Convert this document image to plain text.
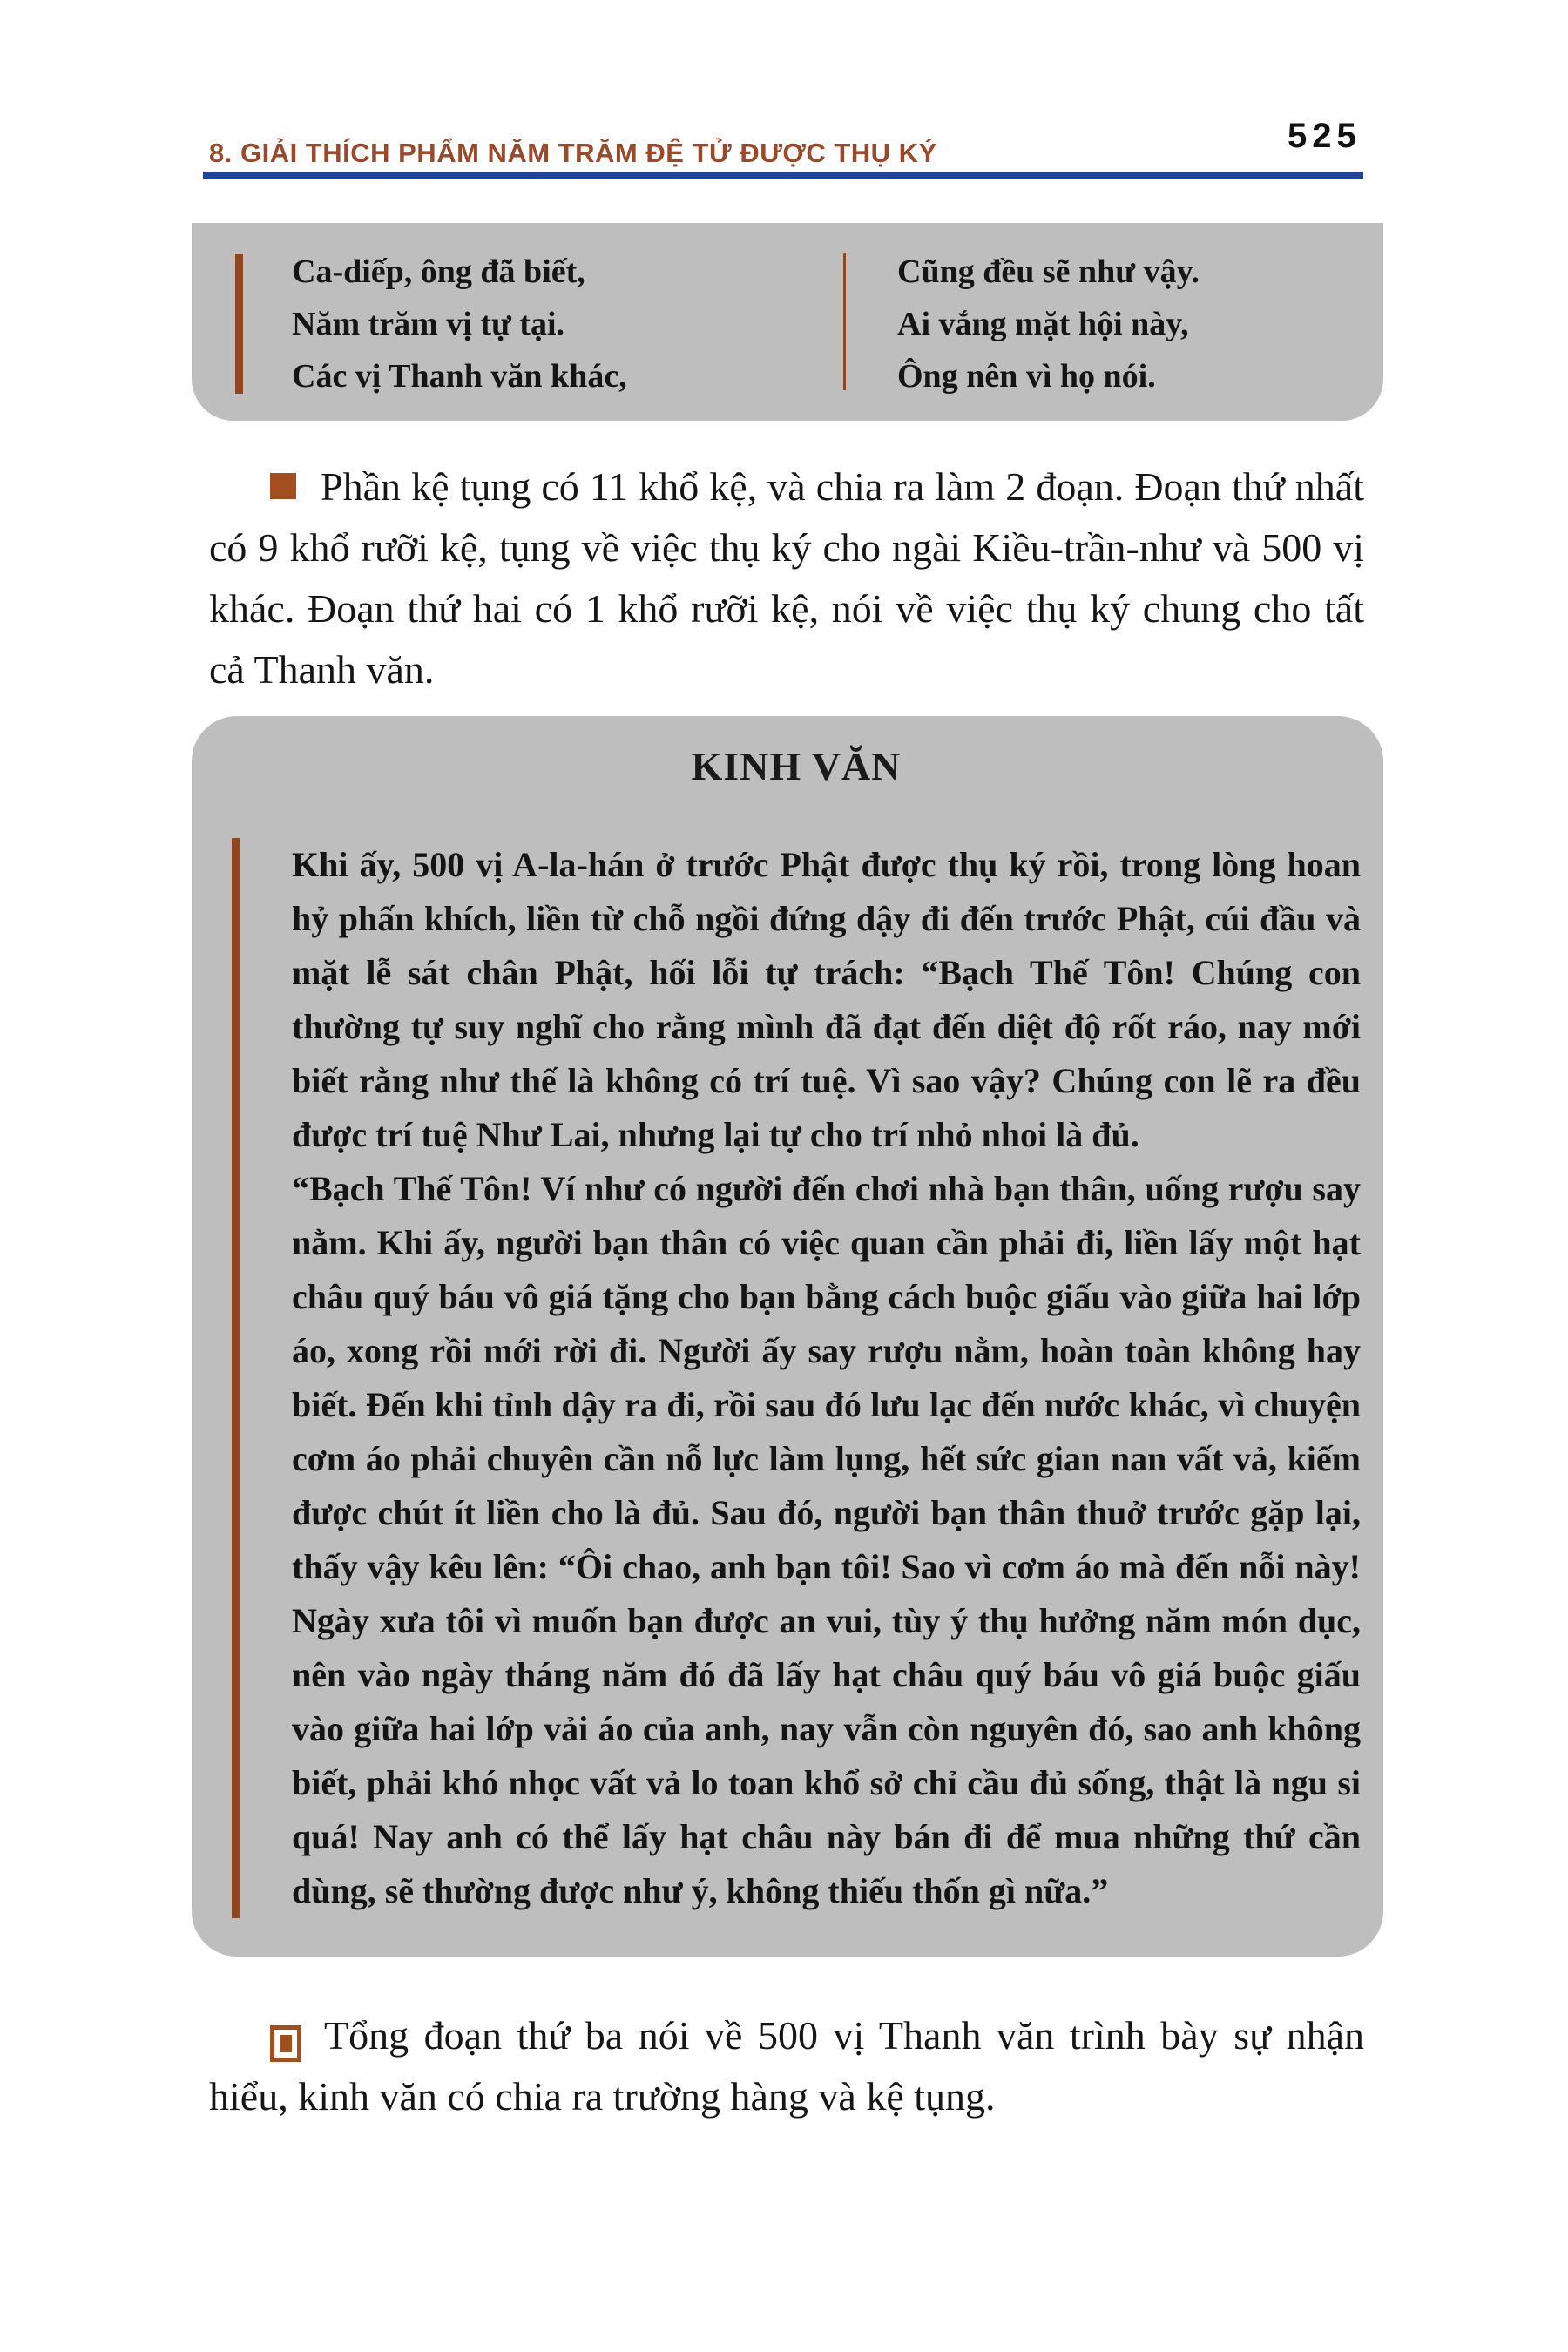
8. GIẢI THÍCH PHẨM NĂM TRĂM ĐỆ TỬ ĐƯỢC THỤ KÝ	525
Ca-diếp, ông đã biết,
Năm trăm vị tự tại.
Các vị Thanh văn khác,
Cũng đều sẽ như vậy.
Ai vắng mặt hội này,
Ông nên vì họ nói.

Phần kệ tụng có 11 khổ kệ, và chia ra làm 2 đoạn. Đoạn thứ nhất có 9 khổ rưỡi kệ, tụng về việc thụ ký cho ngài Kiều-trần-như và 500 vị khác. Đoạn thứ hai có 1 khổ rưỡi kệ, nói về việc thụ ký chung cho tất cả Thanh văn.

KINH VĂN

Khi ấy, 500 vị A-la-hán ở trước Phật được thụ ký rồi, trong lòng hoan hỷ phấn khích, liền từ chỗ ngồi đứng dậy đi đến trước Phật, cúi đầu và mặt lễ sát chân Phật, hối lỗi tự trách: “Bạch Thế Tôn! Chúng con thường tự suy nghĩ cho rằng mình đã đạt đến diệt độ rốt ráo, nay mới biết rằng như thế là không có trí tuệ. Vì sao vậy? Chúng con lẽ ra đều được trí tuệ Như Lai, nhưng lại tự cho trí nhỏ nhoi là đủ.

“Bạch Thế Tôn! Ví như có người đến chơi nhà bạn thân, uống rượu say nằm. Khi ấy, người bạn thân có việc quan cần phải đi, liền lấy một hạt châu quý báu vô giá tặng cho bạn bằng cách buộc giấu vào giữa hai lớp áo, xong rồi mới rời đi. Người ấy say rượu nằm, hoàn toàn không hay biết. Đến khi tỉnh dậy ra đi, rồi sau đó lưu lạc đến nước khác, vì chuyện cơm áo phải chuyên cần nỗ lực làm lụng, hết sức gian nan vất vả, kiếm được chút ít liền cho là đủ. Sau đó, người bạn thân thuở trước gặp lại, thấy vậy kêu lên: “Ôi chao, anh bạn tôi! Sao vì cơm áo mà đến nỗi này! Ngày xưa tôi vì muốn bạn được an vui, tùy ý thụ hưởng năm món dục, nên vào ngày tháng năm đó đã lấy hạt châu quý báu vô giá buộc giấu vào giữa hai lớp vải áo của anh, nay vẫn còn nguyên đó, sao anh không biết, phải khó nhọc vất vả lo toan khổ sở chỉ cầu đủ sống, thật là ngu si quá! Nay anh có thể lấy hạt châu này bán đi để mua những thứ cần dùng, sẽ thường được như ý, không thiếu thốn gì nữa.”

Tổng đoạn thứ ba nói về 500 vị Thanh văn trình bày sự nhận hiểu, kinh văn có chia ra trường hàng và kệ tụng.
